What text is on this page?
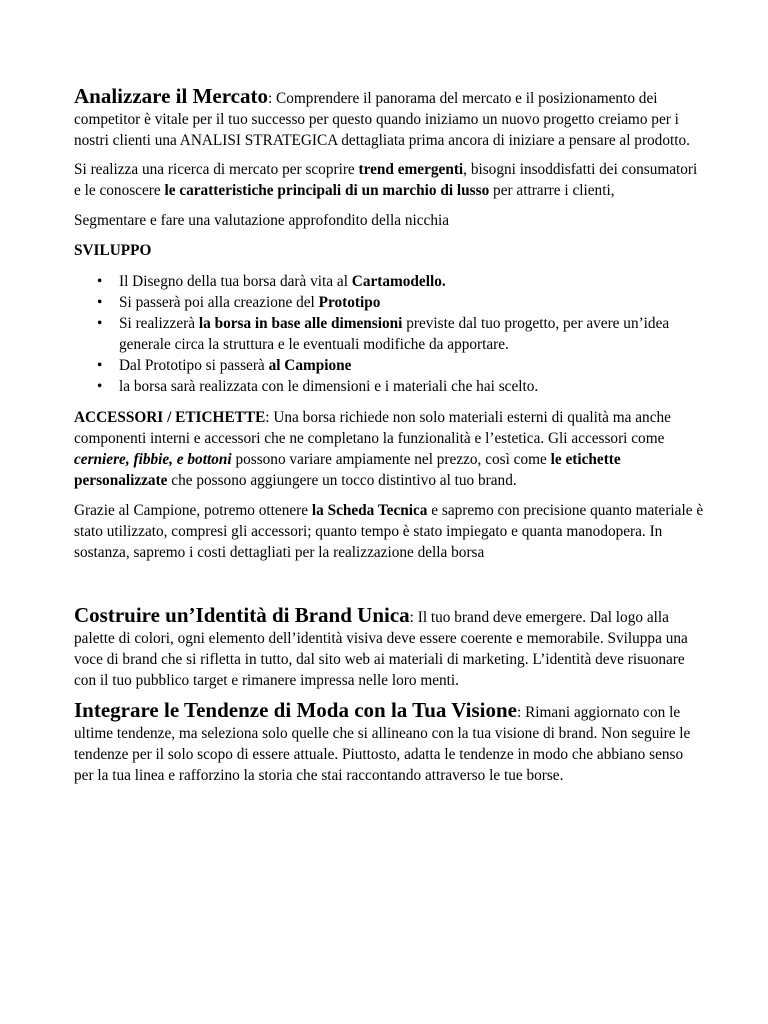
Analizzare il Mercato: Comprendere il panorama del mercato e il posizionamento dei competitor è vitale per il tuo successo per questo quando iniziamo un nuovo progetto creiamo per i nostri clienti una ANALISI STRATEGICA dettagliata prima ancora di iniziare a pensare al prodotto.

Si realizza una ricerca di mercato per scoprire trend emergenti, bisogni insoddisfatti dei consumatori e le conoscere le caratteristiche principali di un marchio di lusso per attrarre i clienti,

Segmentare e fare una valutazione approfondito della nicchia

SVILUPPO

• Il Disegno della tua borsa darà vita al Cartamodello.
• Si passerà poi alla creazione del Prototipo
• Si realizzerà la borsa in base alle dimensioni previste dal tuo progetto, per avere un’idea generale circa la struttura e le eventuali modifiche da apportare.
• Dal Prototipo si passerà al Campione
• la borsa sarà realizzata con le dimensioni e i materiali che hai scelto.

ACCESSORI / ETICHETTE: Una borsa richiede non solo materiali esterni di qualità ma anche componenti interni e accessori che ne completano la funzionalità e l’estetica. Gli accessori come cerniere, fibbie, e bottoni possono variare ampiamente nel prezzo, così come le etichette personalizzate che possono aggiungere un tocco distintivo al tuo brand.

Grazie al Campione, potremo ottenere la Scheda Tecnica e sapremo con precisione quanto materiale è stato utilizzato, compresi gli accessori; quanto tempo è stato impiegato e quanta manodopera. In sostanza, sapremo i costi dettagliati per la realizzazione della borsa

Costruire un’Identità di Brand Unica: Il tuo brand deve emergere. Dal logo alla palette di colori, ogni elemento dell’identità visiva deve essere coerente e memorabile. Sviluppa una voce di brand che si rifletta in tutto, dal sito web ai materiali di marketing. L’identità deve risuonare con il tuo pubblico target e rimanere impressa nelle loro menti.

Integrare le Tendenze di Moda con la Tua Visione: Rimani aggiornato con le ultime tendenze, ma seleziona solo quelle che si allineano con la tua visione di brand. Non seguire le tendenze per il solo scopo di essere attuale. Piuttosto, adatta le tendenze in modo che abbiano senso per la tua linea e rafforzino la storia che stai raccontando attraverso le tue borse.
